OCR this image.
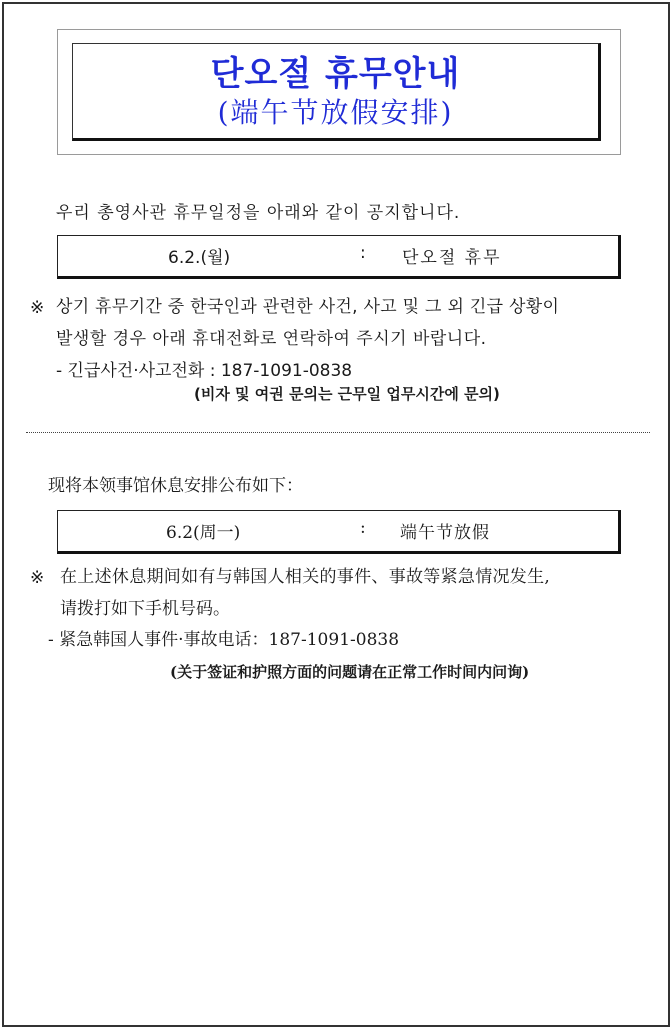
단오절 휴무안내
(端午节放假安排)
우리 총영사관 휴무일정을 아래와 같이 공지합니다.
6.2.(월)	: 단오절 휴무
※ 상기 휴무기간 중 한국인과 관련한 사건, 사고 및 그 외 긴급 상황이
발생할 경우 아래 휴대전화로 연락하여 주시기 바랍니다.
- 긴급사건·사고전화 : 187-1091-0838
(비자 및 여권 문의는 근무일 업무시간에 문의)
现将本领事馆休息安排公布如下：
6.2(周一)	: 端午节放假
※ 在上述休息期间如有与韩国人相关的事件、事故等紧急情况发生,
请拨打如下手机号码。
- 紧急韩国人事件·事故电话：187-1091-0838
(关于签证和护照方面的问题请在正常工作时间内问询)
